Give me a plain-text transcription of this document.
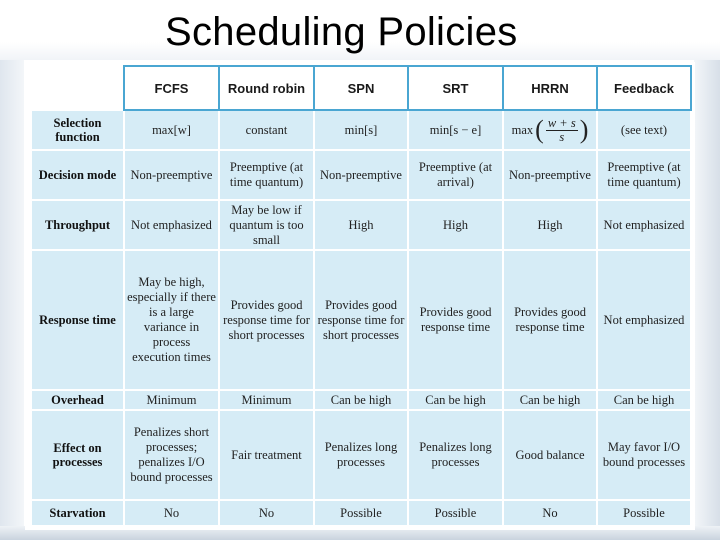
Scheduling Policies
	FCFS	Round robin	SPN	SRT	HRRN	Feedback
Selection function	max[w]	constant	min[s]	min[s − e]	max ( $\frac{w + s}{s}$ )	(see text)
Decision mode	Non-preemptive	Preemptive (at time quantum)	Non-preemptive	Preemptive (at arrival)	Non-preemptive	Preemptive (at time quantum)
Throughput	Not emphasized	May be low if quantum is too small	High	High	High	Not emphasized
Response time	May be high, especially if there is a large variance in process execution times	Provides good response time for short processes	Provides good response time for short processes	Provides good response time	Provides good response time	Not emphasized
Overhead	Minimum	Minimum	Can be high	Can be high	Can be high	Can be high
Effect on processes	Penalizes short processes; penalizes I/O bound processes	Fair treatment	Penalizes long processes	Penalizes long processes	Good balance	May favor I/O bound processes
Starvation	No	No	Possible	Possible	No	Possible
